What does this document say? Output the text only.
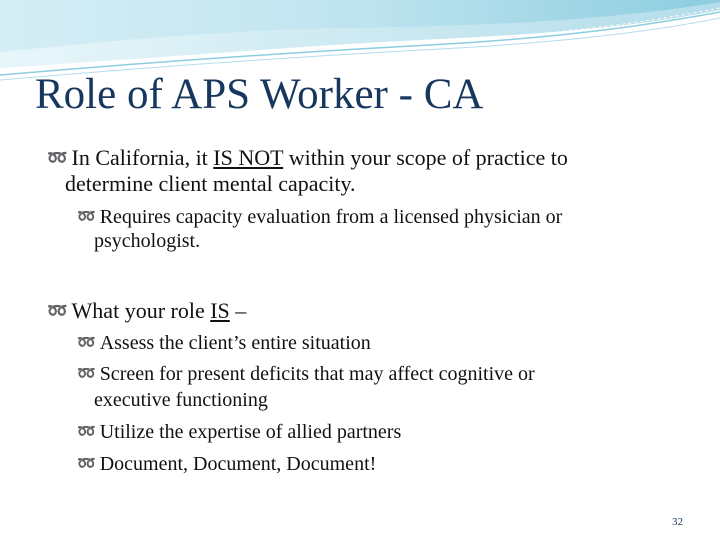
Role of APS Worker - CA
➿ In California, it IS NOT within your scope of practice to
determine client mental capacity.
➿ Requires capacity evaluation from a licensed physician or
psychologist.
➿ What your role IS –
➿ Assess the client’s entire situation
➿ Screen for present deficits that may affect cognitive or
executive functioning
➿ Utilize the expertise of allied partners
➿ Document, Document, Document!
32
